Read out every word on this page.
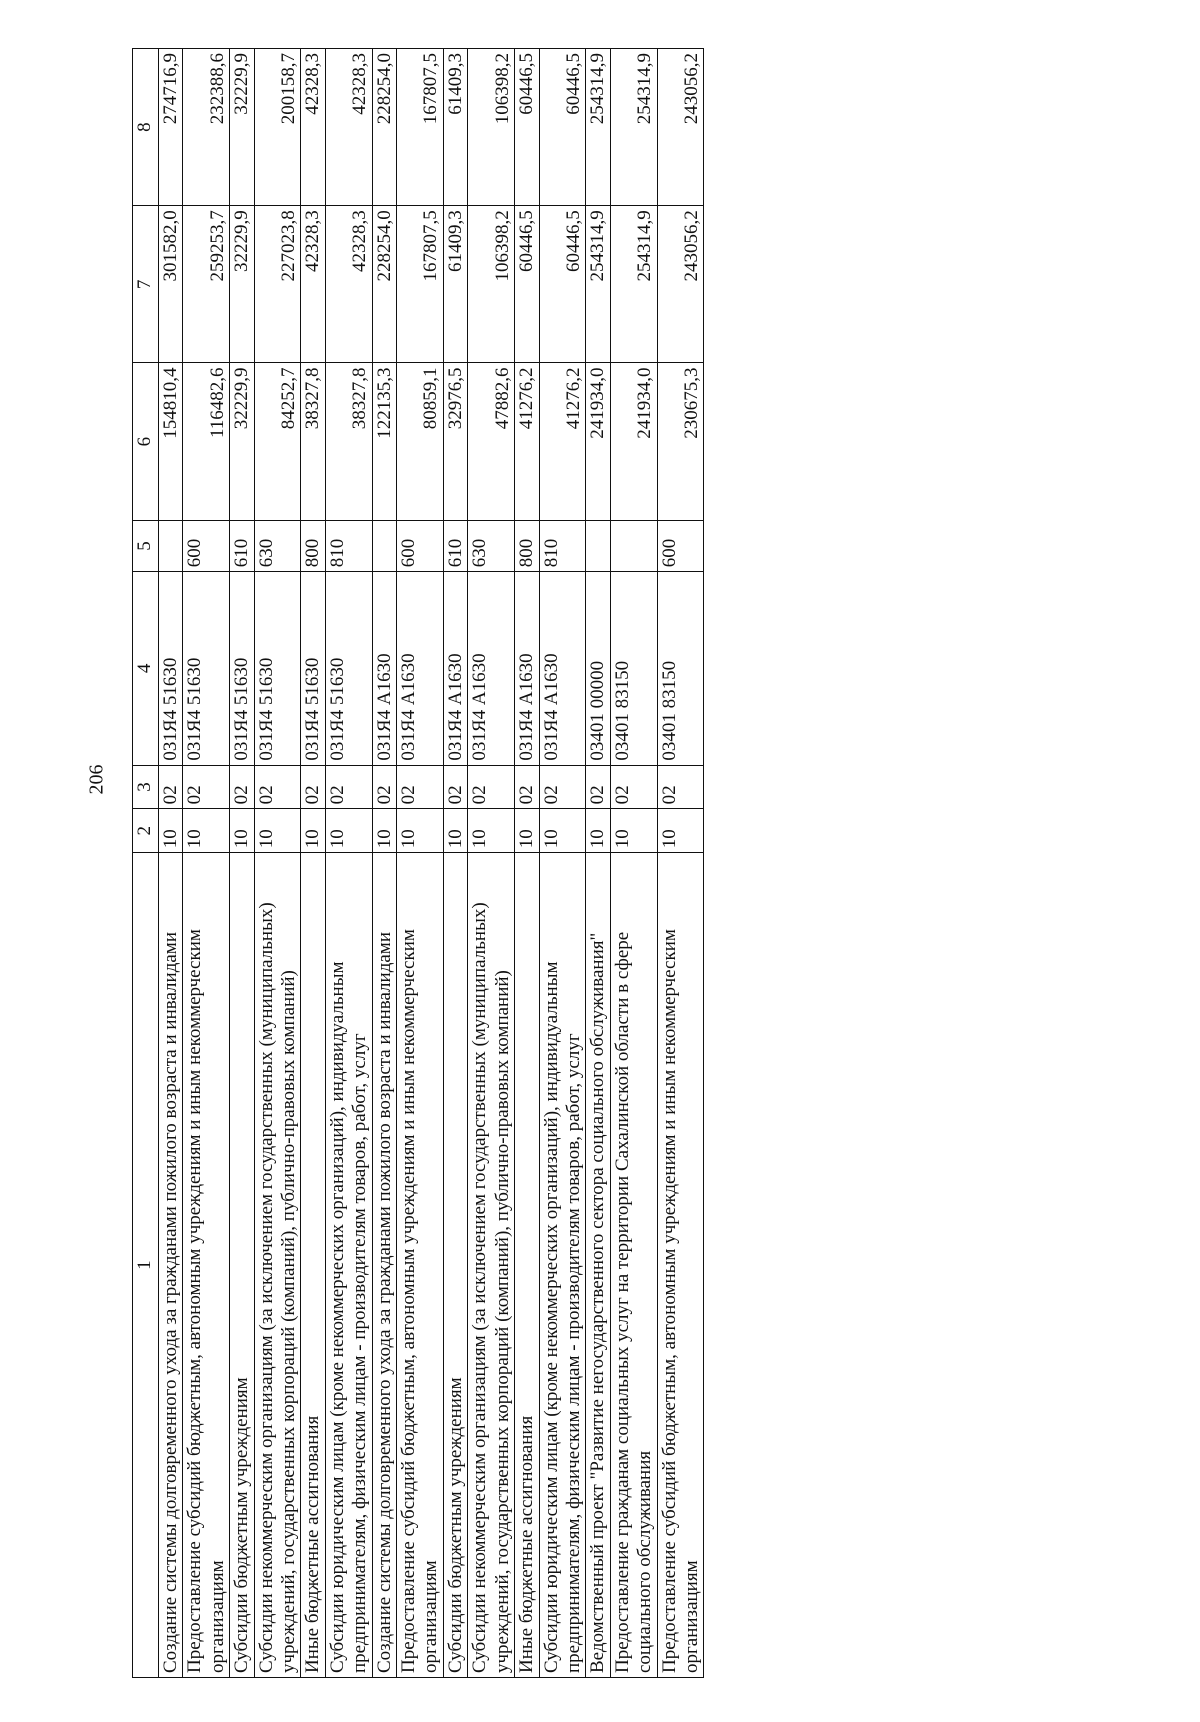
206
1	2	3	4	5	6	7	8
Создание системы долговременного ухода за гражданами пожилого возраста и инвалидами	10	02	031Я4 51630		154810,4	301582,0	274716,9
Предоставление субсидий бюджетным, автономным учреждениям и иным некоммерческим организациям	10	02	031Я4 51630	600	116482,6	259253,7	232388,6
Субсидии бюджетным учреждениям	10	02	031Я4 51630	610	32229,9	32229,9	32229,9
Субсидии некоммерческим организациям (за исключением государственных (муниципальных) учреждений, государственных корпораций (компаний), публично-правовых компаний)	10	02	031Я4 51630	630	84252,7	227023,8	200158,7
Иные бюджетные ассигнования	10	02	031Я4 51630	800	38327,8	42328,3	42328,3
Субсидии юридическим лицам (кроме некоммерческих организаций), индивидуальным предпринимателям, физическим лицам - производителям товаров, работ, услуг	10	02	031Я4 51630	810	38327,8	42328,3	42328,3
Создание системы долговременного ухода за гражданами пожилого возраста и инвалидами	10	02	031Я4 А1630		122135,3	228254,0	228254,0
Предоставление субсидий бюджетным, автономным учреждениям и иным некоммерческим организациям	10	02	031Я4 А1630	600	80859,1	167807,5	167807,5
Субсидии бюджетным учреждениям	10	02	031Я4 А1630	610	32976,5	61409,3	61409,3
Субсидии некоммерческим организациям (за исключением государственных (муниципальных) учреждений, государственных корпораций (компаний), публично-правовых компаний)	10	02	031Я4 А1630	630	47882,6	106398,2	106398,2
Иные бюджетные ассигнования	10	02	031Я4 А1630	800	41276,2	60446,5	60446,5
Субсидии юридическим лицам (кроме некоммерческих организаций), индивидуальным предпринимателям, физическим лицам - производителям товаров, работ, услуг	10	02	031Я4 А1630	810	41276,2	60446,5	60446,5
Ведомственный проект "Развитие негосударственного сектора социального обслуживания"	10	02	03401 00000		241934,0	254314,9	254314,9
Предоставление гражданам социальных услуг на территории Сахалинской области в сфере социального обслуживания	10	02	03401 83150		241934,0	254314,9	254314,9
Предоставление субсидий бюджетным, автономным учреждениям и иным некоммерческим организациям	10	02	03401 83150	600	230675,3	243056,2	243056,2
